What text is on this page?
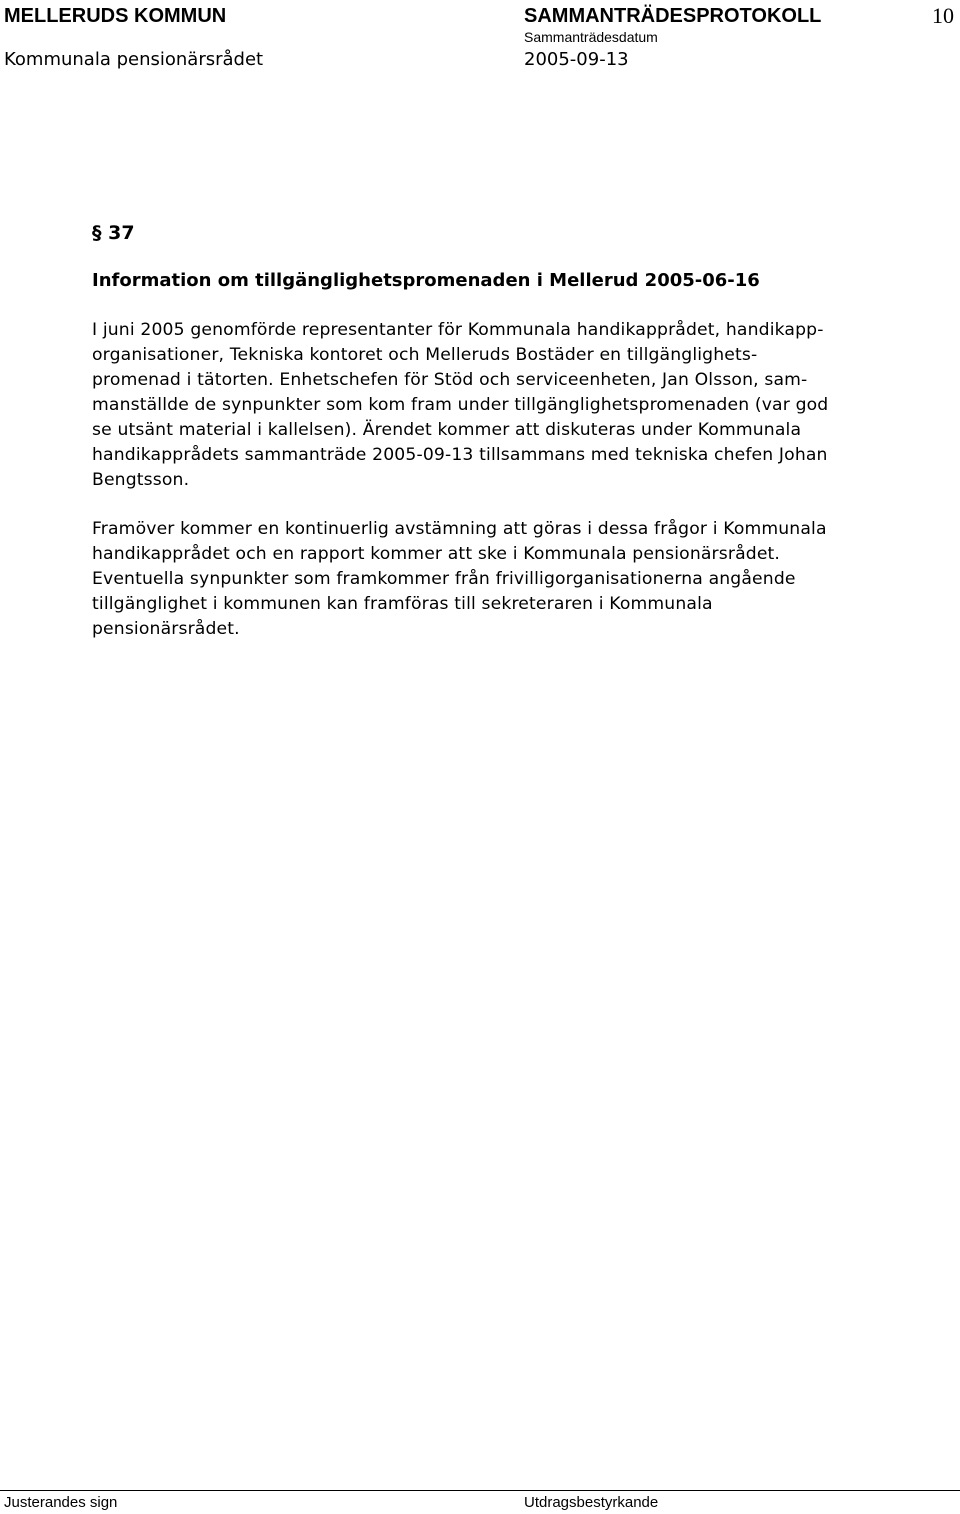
MELLERUDS KOMMUN	SAMMANTRÄDESPROTOKOLL	10
Sammanträdesdatum
Kommunala pensionärsrådet	2005-09-13
§ 37
Information om tillgänglighetspromenaden i Mellerud 2005-06-16
I juni 2005 genomförde representanter för Kommunala handikapprådet, handikapp-
organisationer, Tekniska kontoret och Melleruds Bostäder en tillgänglighets-
promenad i tätorten. Enhetschefen för Stöd och serviceenheten, Jan Olsson, sam-
manställde de synpunkter som kom fram under tillgänglighetspromenaden (var god
se utsänt material i kallelsen). Ärendet kommer att diskuteras under Kommunala
handikapprådets sammanträde 2005-09-13 tillsammans med tekniska chefen Johan
Bengtsson.
Framöver kommer en kontinuerlig avstämning att göras i dessa frågor i Kommunala
handikapprådet och en rapport kommer att ske i Kommunala pensionärsrådet.
Eventuella synpunkter som framkommer från frivilligorganisationerna angående
tillgänglighet i kommunen kan framföras till sekreteraren i Kommunala
pensionärsrådet.
Justerandes sign	Utdragsbestyrkande
